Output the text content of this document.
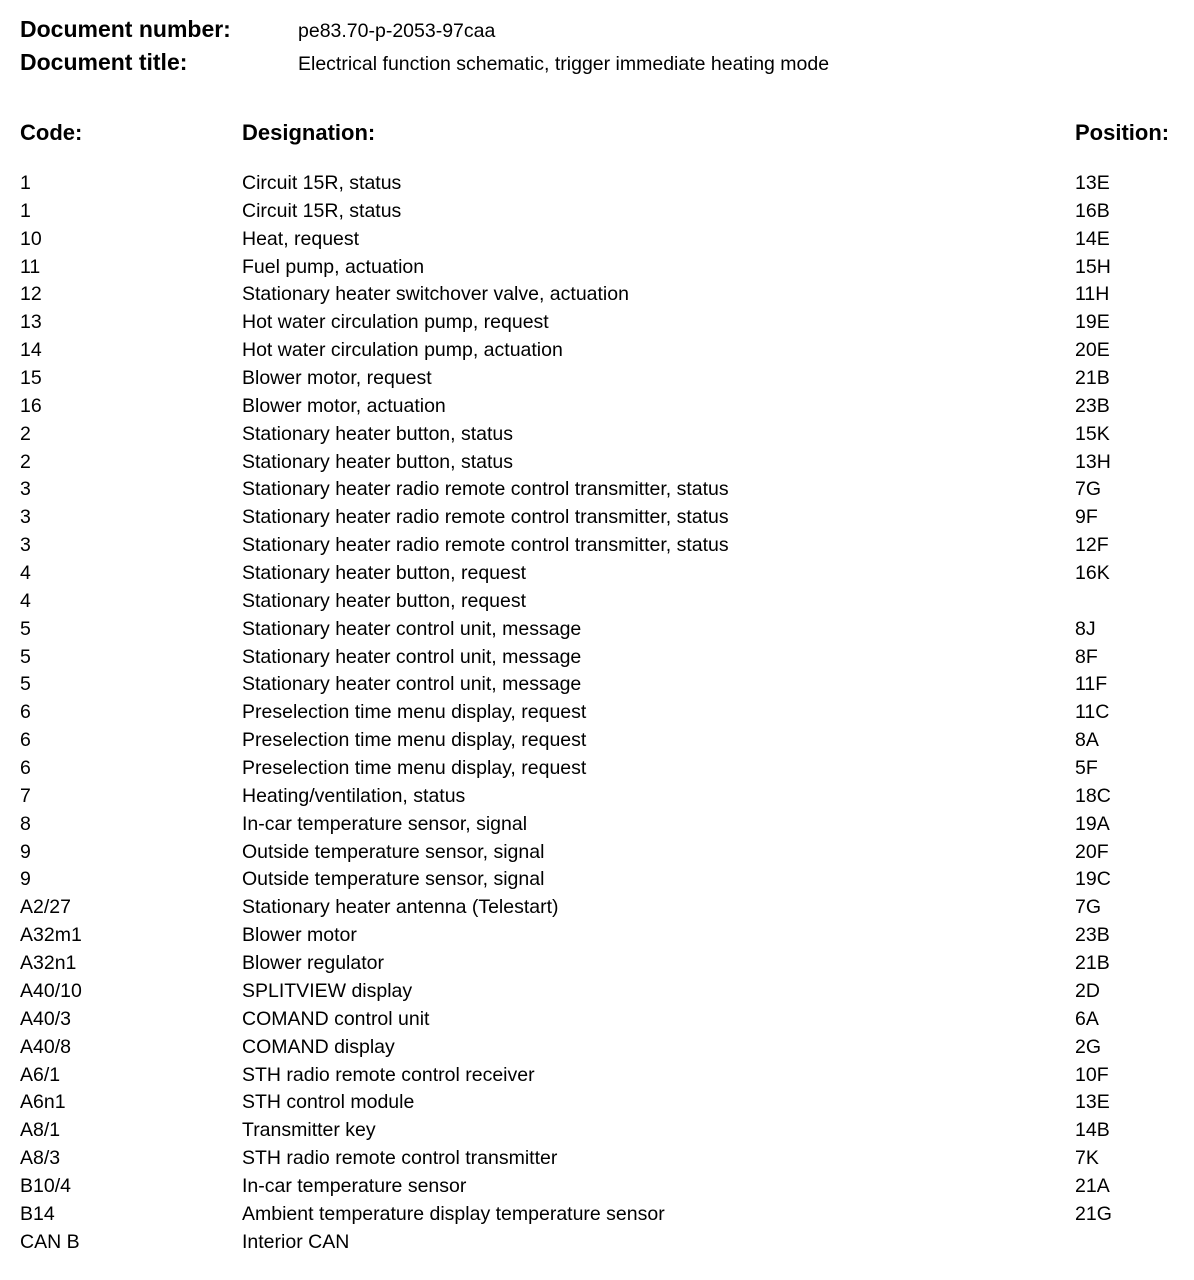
Document number:	pe83.70-p-2053-97caa
Document title:	Electrical function schematic, trigger immediate heating mode
Code:	Designation:	Position:
1	Circuit 15R, status	13E
1	Circuit 15R, status	16B
10	Heat, request	14E
11	Fuel pump, actuation	15H
12	Stationary heater switchover valve, actuation	11H
13	Hot water circulation pump, request	19E
14	Hot water circulation pump, actuation	20E
15	Blower motor, request	21B
16	Blower motor, actuation	23B
2	Stationary heater button, status	15K
2	Stationary heater button, status	13H
3	Stationary heater radio remote control transmitter, status	7G
3	Stationary heater radio remote control transmitter, status	9F
3	Stationary heater radio remote control transmitter, status	12F
4	Stationary heater button, request	16K
4	Stationary heater button, request
5	Stationary heater control unit, message	8J
5	Stationary heater control unit, message	8F
5	Stationary heater control unit, message	11F
6	Preselection time menu display, request	11C
6	Preselection time menu display, request	8A
6	Preselection time menu display, request	5F
7	Heating/ventilation, status	18C
8	In-car temperature sensor, signal	19A
9	Outside temperature sensor, signal	20F
9	Outside temperature sensor, signal	19C
A2/27	Stationary heater antenna (Telestart)	7G
A32m1	Blower motor	23B
A32n1	Blower regulator	21B
A40/10	SPLITVIEW display	2D
A40/3	COMAND control unit	6A
A40/8	COMAND display	2G
A6/1	STH radio remote control receiver	10F
A6n1	STH control module	13E
A8/1	Transmitter key	14B
A8/3	STH radio remote control transmitter	7K
B10/4	In-car temperature sensor	21A
B14	Ambient temperature display temperature sensor	21G
CAN B	Interior CAN
